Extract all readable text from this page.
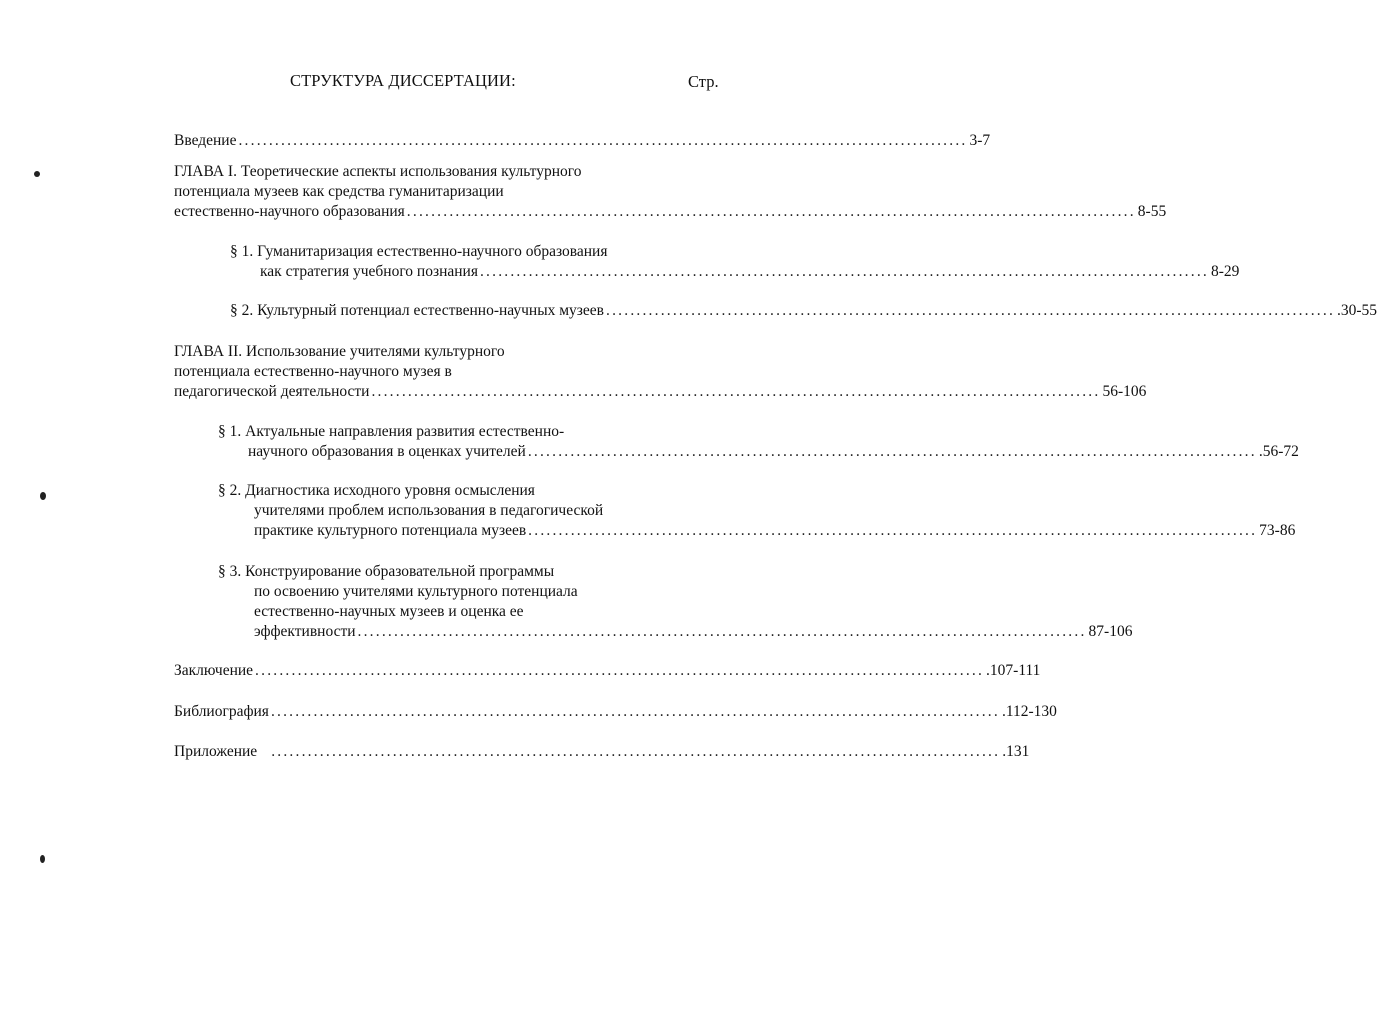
СТРУКТУРА ДИССЕРТАЦИИ:	Стр.
Введение ........................................................................................................................ 3-7
ГЛАВА I. Теоретические аспекты использования культурного
потенциала музеев как средства гуманитаризации
естественно-научного образования ........................................................................................................................ 8-55
§ 1. Гуманитаризация естественно-научного образования
как стратегия учебного познания ........................................................................................................................ 8-29
§ 2. Культурный потенциал естественно-научных музеев ........................................................................................................................ .30-55
ГЛАВА II. Использование учителями культурного
потенциала естественно-научного музея в
педагогической деятельности ........................................................................................................................ 56-106
§ 1. Актуальные направления развития естественно-
научного образования в оценках учителей ........................................................................................................................ .56-72
§ 2. Диагностика исходного уровня осмысления
учителями проблем использования в педагогической
практике культурного потенциала музеев ........................................................................................................................ 73-86
§ 3. Конструирование образовательной программы
по освоению учителями культурного потенциала
естественно-научных музеев и оценка ее
эффективности ........................................................................................................................ 87-106
Заключение ........................................................................................................................ .107-111
Библиография ........................................................................................................................ .112-130
Приложение ........................................................................................................................ .131
